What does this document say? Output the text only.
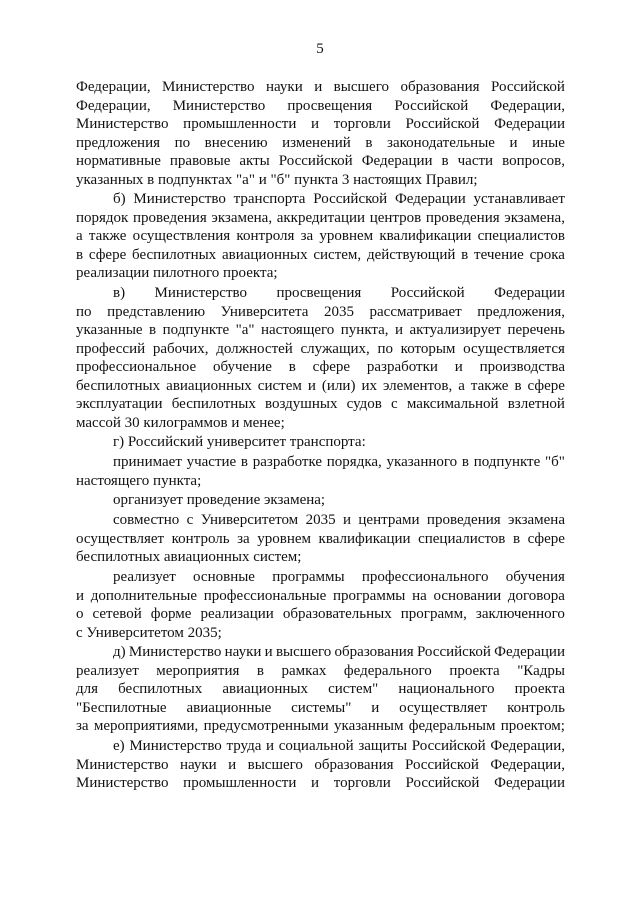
5
Федерации, Министерство науки и высшего образования Российской
Федерации, Министерство просвещения Российской Федерации,
Министерство промышленности и торговли Российской Федерации
предложения по внесению изменений в законодательные и иные
нормативные правовые акты Российской Федерации в части вопросов,
указанных в подпунктах "а" и "б" пункта 3 настоящих Правил;
б) Министерство транспорта Российской Федерации устанавливает
порядок проведения экзамена, аккредитации центров проведения экзамена,
а также осуществления контроля за уровнем квалификации специалистов
в сфере беспилотных авиационных систем, действующий в течение срока
реализации пилотного проекта;
в) Министерство просвещения Российской Федерации
по представлению Университета 2035 рассматривает предложения,
указанные в подпункте "а" настоящего пункта, и актуализирует перечень
профессий рабочих, должностей служащих, по которым осуществляется
профессиональное обучение в сфере разработки и производства
беспилотных авиационных систем и (или) их элементов, а также в сфере
эксплуатации беспилотных воздушных судов с максимальной взлетной
массой 30 килограммов и менее;
г) Российский университет транспорта:
принимает участие в разработке порядка, указанного в подпункте "б"
настоящего пункта;
организует проведение экзамена;
совместно с Университетом 2035 и центрами проведения экзамена
осуществляет контроль за уровнем квалификации специалистов в сфере
беспилотных авиационных систем;
реализует основные программы профессионального обучения
и дополнительные профессиональные программы на основании договора
о сетевой форме реализации образовательных программ, заключенного
с Университетом 2035;
д) Министерство науки и высшего образования Российской Федерации
реализует мероприятия в рамках федерального проекта "Кадры
для беспилотных авиационных систем" национального проекта
"Беспилотные авиационные системы" и осуществляет контроль
за мероприятиями, предусмотренными указанным федеральным проектом;
е) Министерство труда и социальной защиты Российской Федерации,
Министерство науки и высшего образования Российской Федерации,
Министерство промышленности и торговли Российской Федерации
